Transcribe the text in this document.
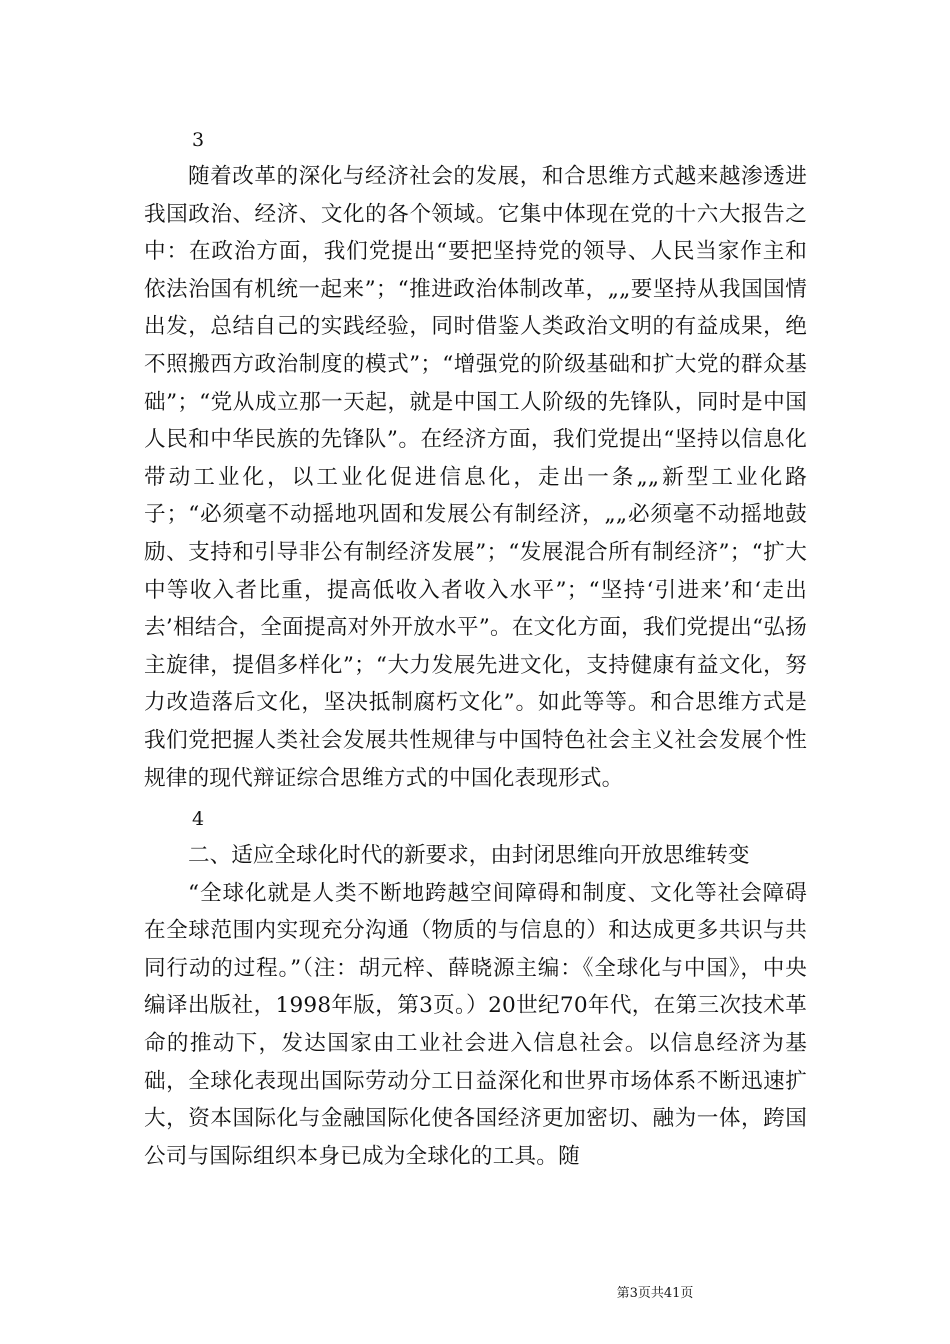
3

随着改革的深化与经济社会的发展，和合思维方式越来越渗透进我国政治、经济、文化的各个领域。它集中体现在党的十六大报告之中：在政治方面，我们党提出“要把坚持党的领导、人民当家作主和依法治国有机统一起来”；“推进政治体制改革，„„要坚持从我国国情出发，总结自己的实践经验，同时借鉴人类政治文明的有益成果，绝不照搬西方政治制度的模式”；“增强党的阶级基础和扩大党的群众基础”；“党从成立那一天起，就是中国工人阶级的先锋队，同时是中国人民和中华民族的先锋队”。在经济方面，我们党提出“坚持以信息化带动工业化，以工业化促进信息化，走出一条„„新型工业化路子；“必须毫不动摇地巩固和发展公有制经济，„„必须毫不动摇地鼓励、支持和引导非公有制经济发展”；“发展混合所有制经济”；“扩大中等收入者比重，提高低收入者收入水平”；“坚持‘引进来’和‘走出去’相结合，全面提高对外开放水平”。在文化方面，我们党提出“弘扬主旋律，提倡多样化”；“大力发展先进文化，支持健康有益文化，努力改造落后文化，坚决抵制腐朽文化”。如此等等。和合思维方式是我们党把握人类社会发展共性规律与中国特色社会主义社会发展个性规律的现代辩证综合思维方式的中国化表现形式。

4

二、适应全球化时代的新要求，由封闭思维向开放思维转变

“全球化就是人类不断地跨越空间障碍和制度、文化等社会障碍在全球范围内实现充分沟通（物质的与信息的）和达成更多共识与共同行动的过程。”（注：胡元梓、薛晓源主编：《全球化与中国》，中央编译出版社，1998年版，第3页。）20世纪70年代，在第三次技术革命的推动下，发达国家由工业社会进入信息社会。以信息经济为基础，全球化表现出国际劳动分工日益深化和世界市场体系不断迅速扩大，资本国际化与金融国际化使各国经济更加密切、融为一体，跨国公司与国际组织本身已成为全球化的工具。随

第3页共41页
